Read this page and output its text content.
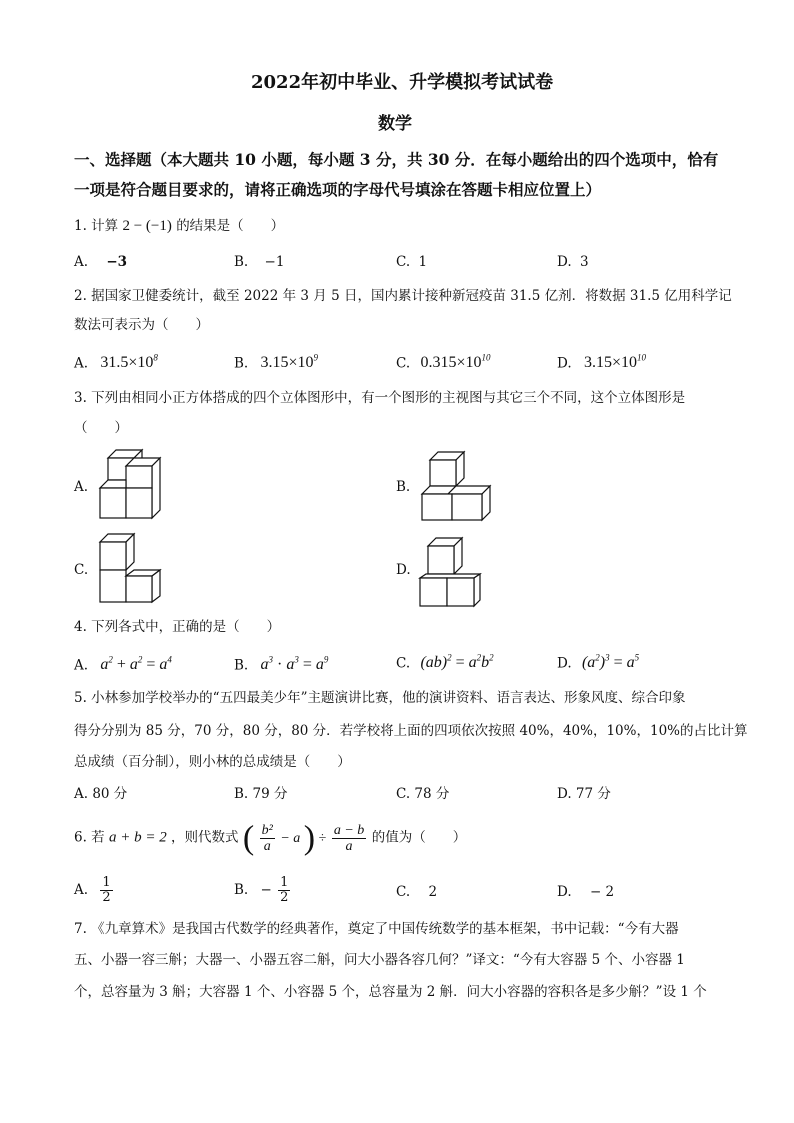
2022年初中毕业、升学模拟考试试卷
数学
一、选择题（本大题共 10 小题，每小题 3 分，共 30 分．在每小题给出的四个选项中，恰有
一项是符合题目要求的，请将正确选项的字母代号填涂在答题卡相应位置上）
1. 计算 2 − (−1) 的结果是（　　）
A. −3	B. −1	C. 1	D. 3
2. 据国家卫健委统计，截至 2022 年 3 月 5 日，国内累计接种新冠疫苗 31.5 亿剂．将数据 31.5 亿用科学记
数法可表示为（　　）
A. $31.5\times 10^8$	B. $3.15\times 10^9$	C. $0.315\times 10^{10}$	D. $3.15\times 10^{10}$
3. 下列由相同小正方体搭成的四个立体图形中，有一个图形的主视图与其它三个不同，这个立体图形是
（　　）
A.	B.
C.	D.
4. 下列各式中，正确的是（　　）
A. $a^2 + a^2 = a^4$	B. $a^3 \cdot a^3 = a^9$	C. $(ab)^2 = a^2b^2$	D. $(a^2)^3 = a^5$
5. 小林参加学校举办的“五四最美少年”主题演讲比赛，他的演讲资料、语言表达、形象风度、综合印象
得分分别为 85 分，70 分，80 分，80 分．若学校将上面的四项依次按照 40%，40%，10%，10%的占比计算
总成绩（百分制），则小林的总成绩是（　　）
A. 80 分	B. 79 分	C. 78 分	D. 77 分
6. 若 a + b = 2 ，则代数式 ( $\frac{\text{b²}}{a} - a$ ) ÷ $\frac{a - b}{a}$ 的值为（　　）
A. $\frac{1}{2}$	B. − $\frac{1}{2}$	C. 2	D. − 2
7. 《九章算术》是我国古代数学的经典著作，奠定了中国传统数学的基本框架，书中记载：“今有大器
五、小器一容三斛；大器一、小器五容二斛，问大小器各容几何？”译文：“今有大容器 5 个、小容器 1
个，总容量为 3 斛；大容器 1 个、小容器 5 个，总容量为 2 斛．问大小容器的容积各是多少斛？”设 1 个
